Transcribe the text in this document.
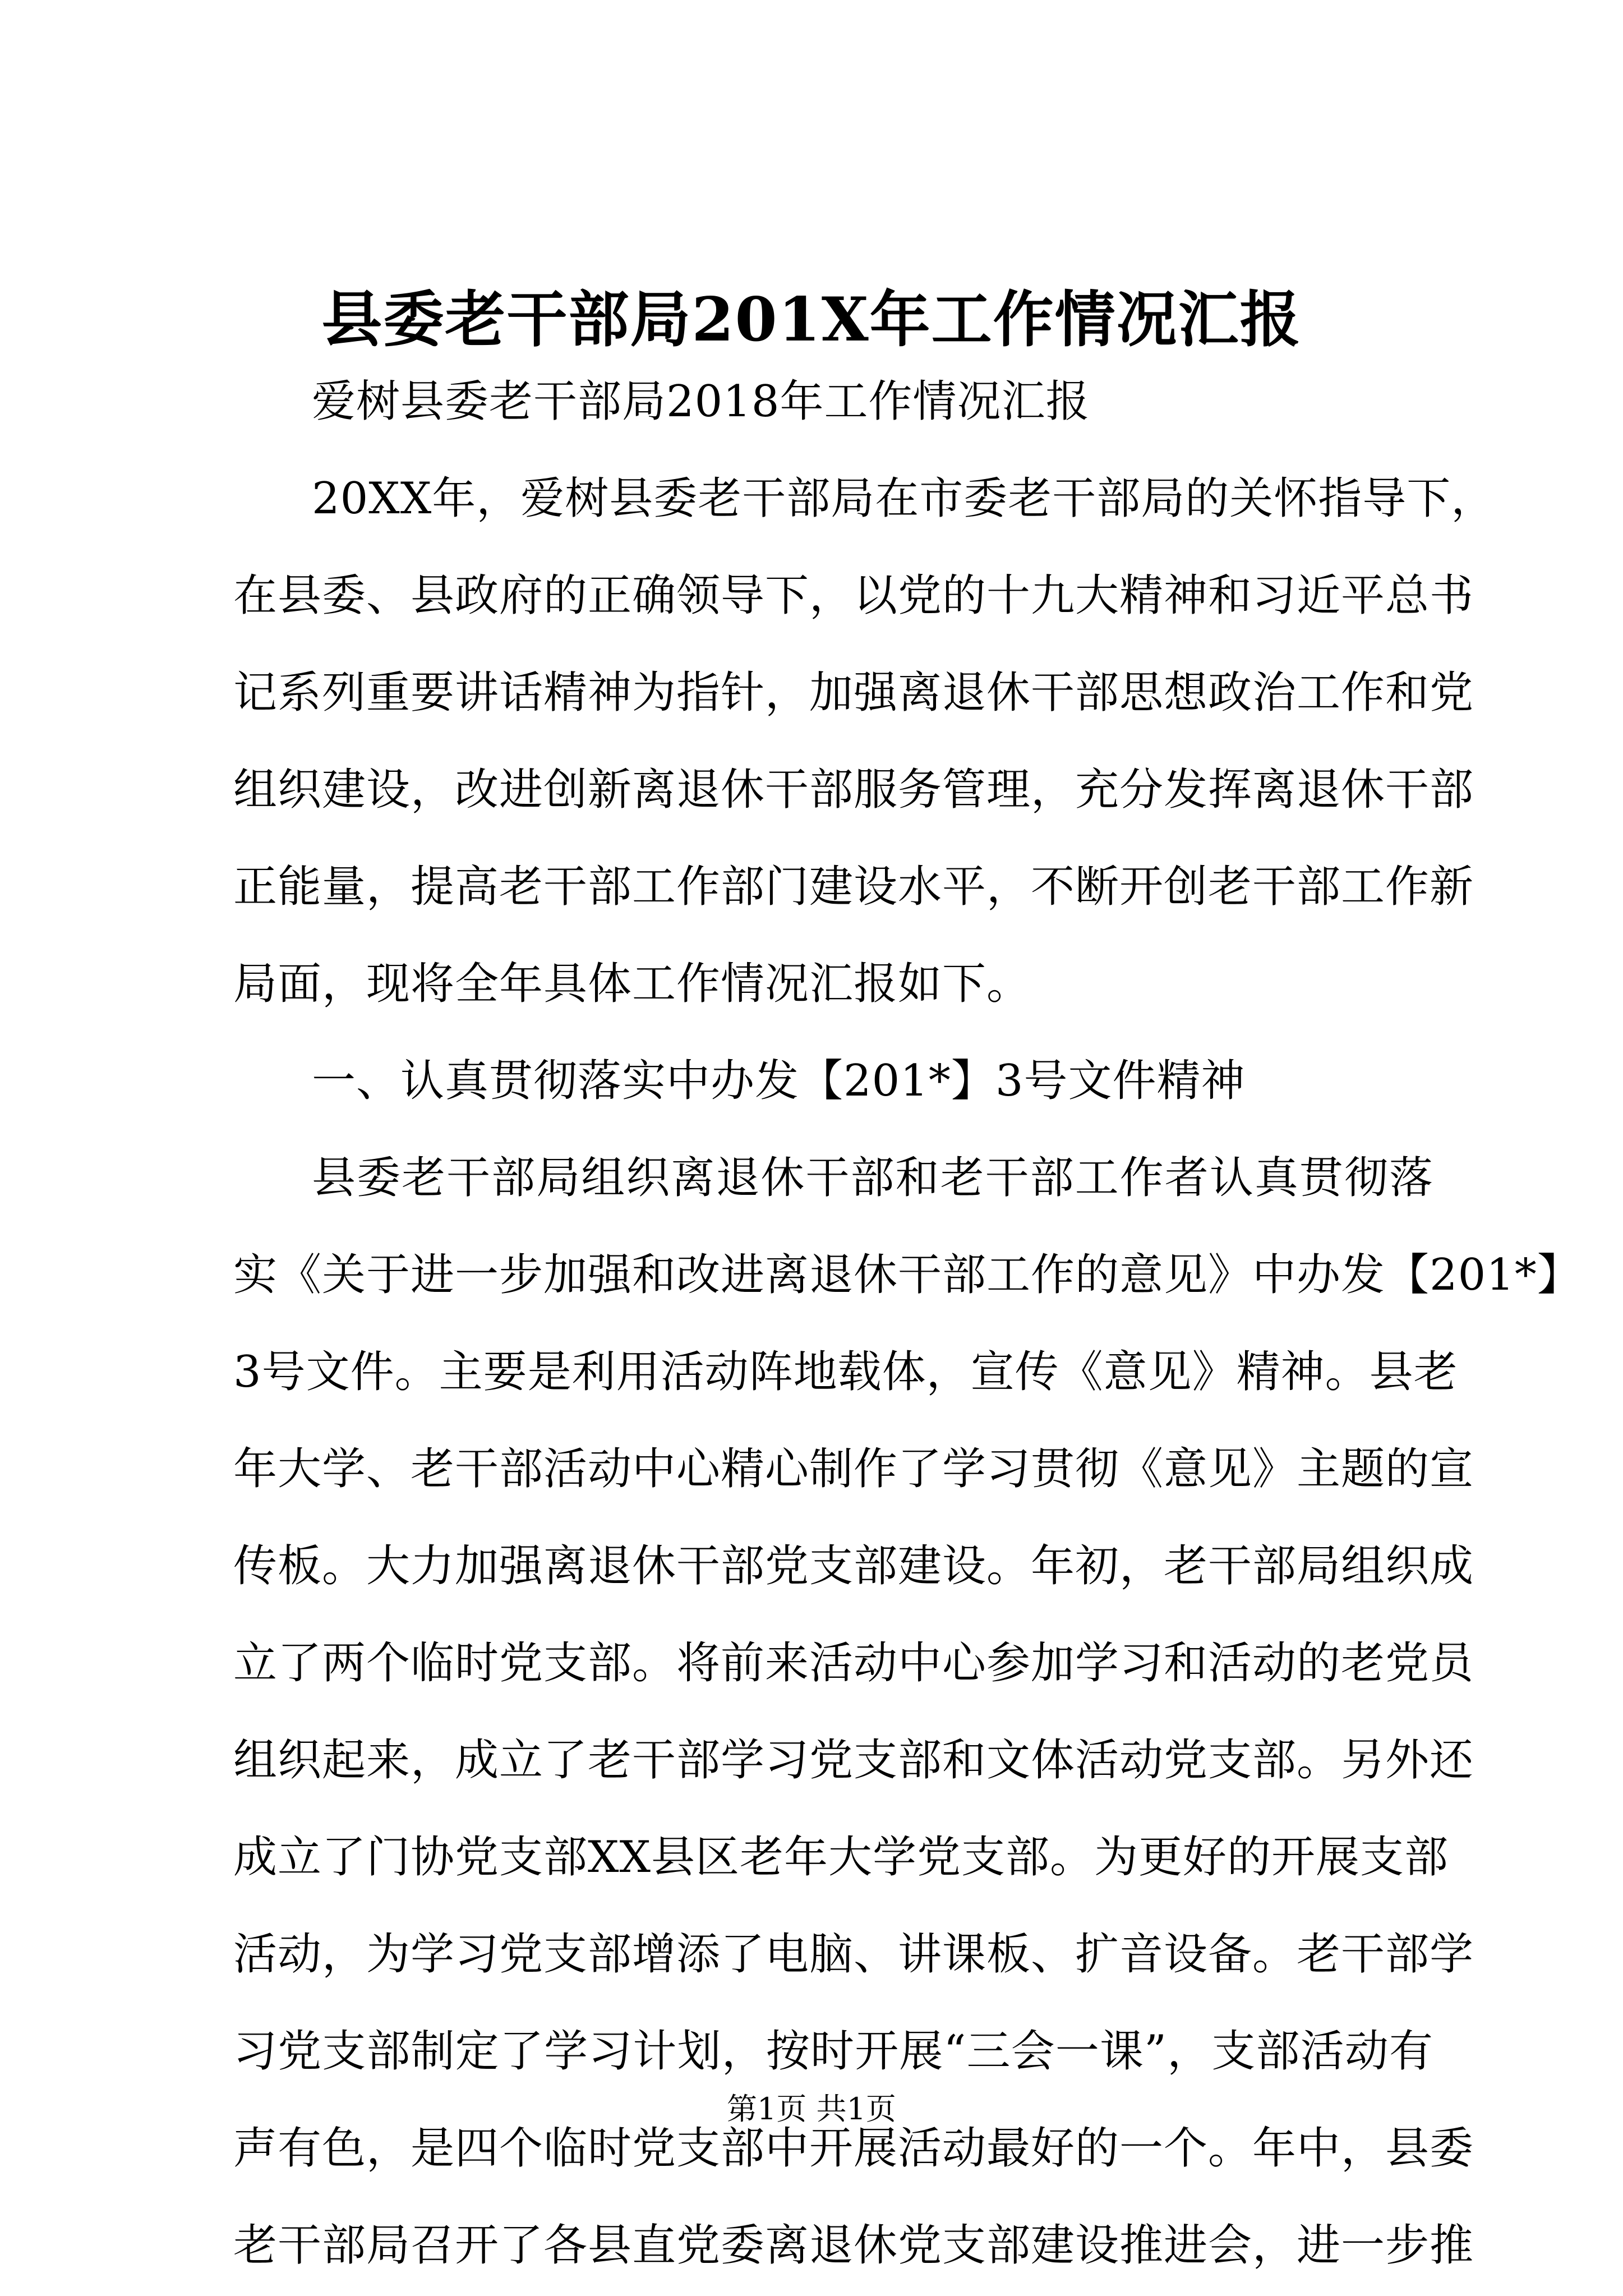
县委老干部局201X年工作情况汇报
爱树县委老干部局2018年工作情况汇报
20XX年，爱树县委老干部局在市委老干部局的关怀指导下，
在县委、县政府的正确领导下，以党的十九大精神和习近平总书
记系列重要讲话精神为指针，加强离退休干部思想政治工作和党
组织建设，改进创新离退休干部服务管理，充分发挥离退休干部
正能量，提高老干部工作部门建设水平，不断开创老干部工作新
局面，现将全年具体工作情况汇报如下。
一、认真贯彻落实中办发【201*】3号文件精神
县委老干部局组织离退休干部和老干部工作者认真贯彻落
实《关于进一步加强和改进离退休干部工作的意见》中办发【201*】
3号文件。主要是利用活动阵地载体，宣传《意见》精神。县老
年大学、老干部活动中心精心制作了学习贯彻《意见》主题的宣
传板。大力加强离退休干部党支部建设。年初，老干部局组织成
立了两个临时党支部。将前来活动中心参加学习和活动的老党员
组织起来，成立了老干部学习党支部和文体活动党支部。另外还
成立了门协党支部XX县区老年大学党支部。为更好的开展支部
活动，为学习党支部增添了电脑、讲课板、扩音设备。老干部学
习党支部制定了学习计划，按时开展“三会一课”，支部活动有
声有色，是四个临时党支部中开展活动最好的一个。年中，县委
老干部局召开了各县直党委离退休党支部建设推进会，进一步推
第1页 共1页
